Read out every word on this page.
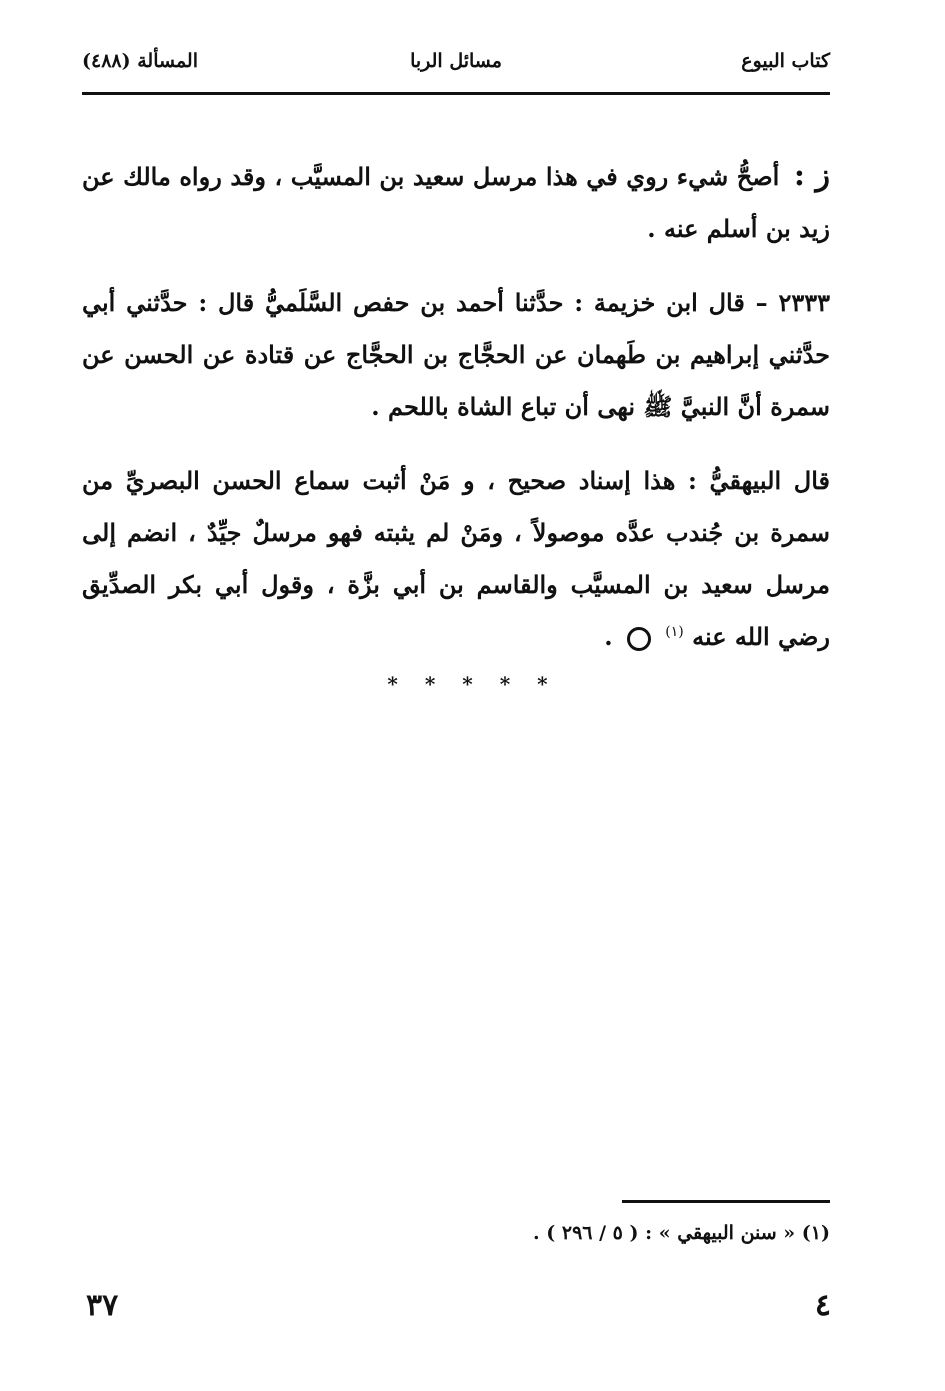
كتاب البيوع
مسائل الربا
المسألة (٤٨٨)

ز : أصحُّ شيء روي في هذا مرسل سعيد بن المسيَّب ، وقد رواه مالك عن زيد بن أسلم عنه .

٢٣٣٣ – قال ابن خزيمة : حدَّثنا أحمد بن حفص السَّلَميُّ قال : حدَّثني أبي حدَّثني إبراهيم بن طَهمان عن الحجَّاج بن الحجَّاج عن قتادة عن الحسن عن سمرة أنَّ النبيَّ ﷺ نهى أن تباع الشاة باللحم .

قال البيهقيُّ : هذا إسناد صحيح ، و مَنْ أثبت سماع الحسن البصريِّ من سمرة بن جُندب عدَّه موصولاً ، ومَنْ لم يثبته فهو مرسلٌ جيِّدٌ ، انضم إلى مرسل سعيد بن المسيَّب والقاسم بن أبي بزَّة ، وقول أبي بكر الصدِّيق رضي الله عنه $^{(١)}$  .

* * * * *
(١) « سنن البيهقي » : ( ٥ / ٢٩٦ ) .
٤
٣٧
